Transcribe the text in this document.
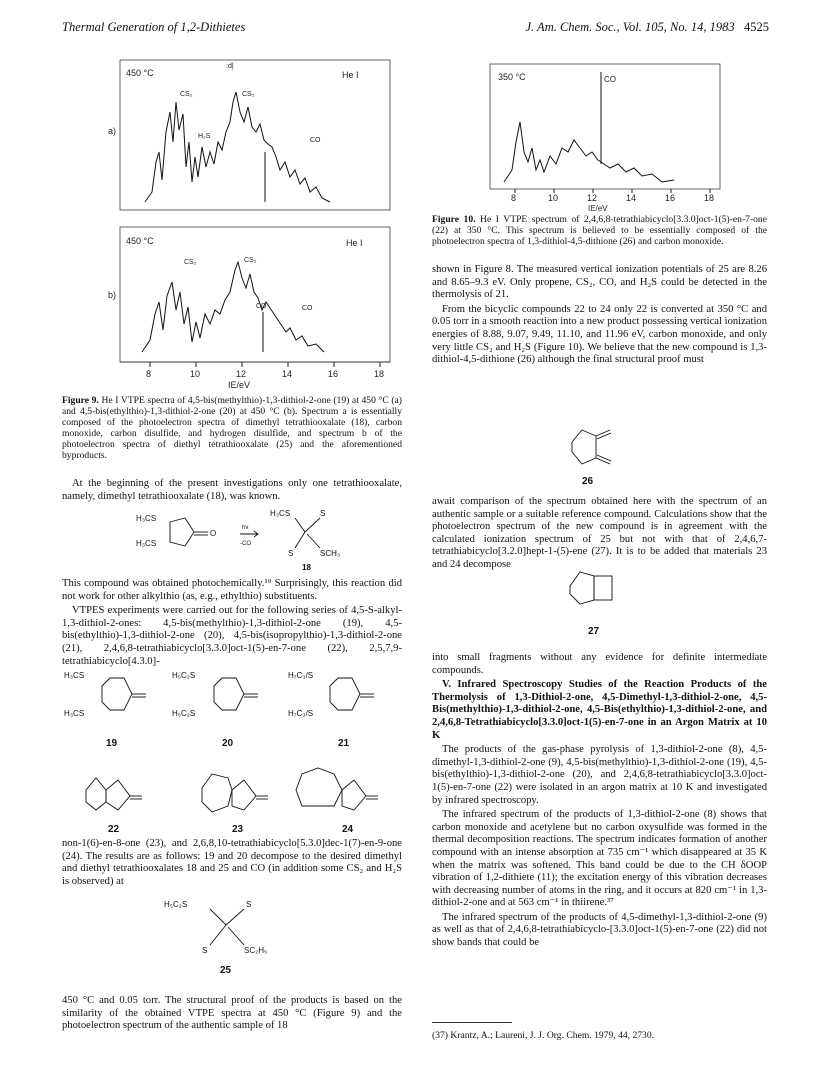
Thermal Generation of 1,2-Dithietes	J. Am. Chem. Soc., Vol. 105, No. 14, 1983 4525
8	10	12	14	16	18
IE/eV
450 °C	He I
a)
:d|
CS₂	CS₂
H₂S
CO
450 °C	He I
b)
CS₂	CS₂
CO	CO
Figure 9. He I VTPE spectra of 4,5-bis(methylthio)-1,3-dithiol-2-one (19) at 450 °C (a) and 4,5-bis(ethylthio)-1,3-dithiol-2-one (20) at 450 °C (b). Spectrum a is essentially composed of the photoelectron spectra of dimethyl tetrathiooxalate (18), carbon monoxide, carbon disulfide, and hydrogen disulfide, and spectrum b of the photoelectron spectra of diethyl tetrathiooxalate (25) and the aforementioned byproducts.

At the beginning of the present investigations only one tetrathiooxalate, namely, dimethyl tetrathiooxalate (18), was known.

H₃CS
H₃CS
O
hν
-CO
H₃CS	S
S	SCH₃
18

This compound was obtained photochemically.¹⁹ Surprisingly, this reaction did not work for other alkylthio (as, e.g., ethylthio) substituents.

VTPES experiments were carried out for the following series of 4,5-S-alkyl-1,3-dithiol-2-ones: 4,5-bis(methylthio)-1,3-dithiol-2-one (19), 4,5-bis(ethylthio)-1,3-dithiol-2-one (20), 4,5-bis(isopropylthio)-1,3-dithiol-2-one (21), 2,4,6,8-tetrathiabicyclo[3.3.0]oct-1(5)-en-7-one (22), 2,5,7,9-tetrathiabicyclo[4.3.0]-

H₃CS
H₃CS
H₅C₂S
H₅C₂S
H₇C₃/S
H₇C₃/S
19	20	21
22	23	24

non-1(6)-en-8-one (23), and 2,6,8,10-tetrathiabicyclo[5.3.0]dec-1(7)-en-9-one (24). The results are as follows: 19 and 20 decompose to the desired dimethyl and diethyl tetrathiooxalates 18 and 25 and CO (in addition some CS₂ and H₂S is observed) at

H₅C₂S	S
S	SC₂H₅
25

450 °C and 0.05 torr. The structural proof of the products is based on the similarity of the obtained VTPE spectra at 450 °C (Figure 9) and the photoelectron spectrum of the authentic sample of 18

8	10	12	14	16	18
IE/eV
350 °C	CO
Figure 10. He I VTPE spectrum of 2,4,6,8-tetrathiabicyclo[3.3.0]oct-1(5)-en-7-one (22) at 350 °C. This spectrum is believed to be essentially composed of the photoelectron spectra of 1,3-dithiol-4,5-dithione (26) and carbon monoxide.

shown in Figure 8. The measured vertical ionization potentials of 25 are 8.26 and 8.65–9.3 eV. Only propene, CS₂, CO, and H₂S could be detected in the thermolysis of 21.

From the bicyclic compounds 22 to 24 only 22 is converted at 350 °C and 0.05 torr in a smooth reaction into a new product possessing vertical ionization energies of 8.88, 9.07, 9.49, 11.10, and 11.96 eV, carbon monoxide, and only very little CS₂ and H₂S (Figure 10). We believe that the new compound is 1,3-dithiol-4,5-dithione (26) although the final structural proof must

26

await comparison of the spectrum obtained here with the spectrum of an authentic sample or a suitable reference compound. Calculations show that the photoelectron spectrum of the new compound is in agreement with the calculated ionization spectrum of 25 but not with that of 2,4,6,7-tetrathiabicyclo[3.2.0]hept-1-(5)-ene (27). It is to be added that materials 23 and 24 decompose

27

into small fragments without any evidence for definite intermediate compounds.

V. Infrared Spectroscopy Studies of the Reaction Products of the Thermolysis of 1,3-Dithiol-2-one, 4,5-Dimethyl-1,3-dithiol-2-one, 4,5-Bis(methylthio)-1,3-dithiol-2-one, 4,5-Bis(ethylthio)-1,3-dithiol-2-one, and 2,4,6,8-Tetrathiabicyclo[3.3.0]oct-1(5)-en-7-one in an Argon Matrix at 10 K

The products of the gas-phase pyrolysis of 1,3-dithiol-2-one (8), 4,5-dimethyl-1,3-dithiol-2-one (9), 4,5-bis(methylthio)-1,3-dithiol-2-one (19), 4,5-bis(ethylthio)-1,3-dithiol-2-one (20), and 2,4,6,8-tetrathiabicyclo[3.3.0]oct-1(5)-en-7-one (22) were isolated in an argon matrix at 10 K and investigated by infrared spectroscopy.

The infrared spectrum of the products of 1,3-dithiol-2-one (8) shows that carbon monoxide and acetylene but no carbon oxysulfide was formed in the thermal decomposition reactions. The spectrum indicates formation of another compound with an intense absorption at 735 cm⁻¹ which disappeared at 35 K when the matrix was softened. This band could be due to the CH δOOP vibration of 1,2-dithiete (11); the excitation energy of this vibration decreases with decreasing number of atoms in the ring, and it occurs at 820 cm⁻¹ in 1,3-dithiol-2-one and at 563 cm⁻¹ in thiirene.³⁷

The infrared spectrum of the products of 4,5-dimethyl-1,3-dithiol-2-one (9) as well as that of 2,4,6,8-tetrathiabicyclo-[3.3.0]oct-1(5)-en-7-one (22) did not show bands that could be

(37) Krantz, A.; Laureni, J. J. Org. Chem. 1979, 44, 2730.
